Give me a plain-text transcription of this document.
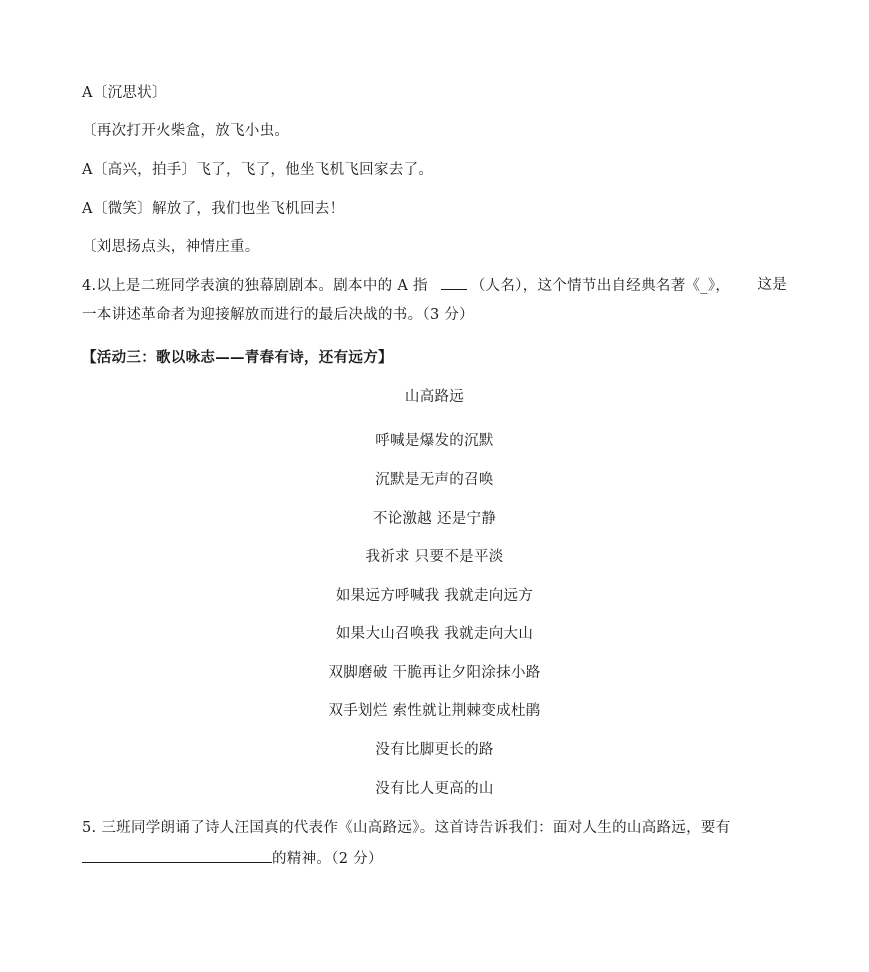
A〔沉思状〕
〔再次打开火柴盒，放飞小虫。
A〔高兴，拍手〕飞了，飞了，他坐飞机飞回家去了。
A〔微笑〕解放了，我们也坐飞机回去！
〔刘思扬点头，神情庄重。
4.以上是二班同学表演的独幕剧剧本。剧本中的 A 指	（人名），这个情节出自经典名著《_》， 这是
一本讲述革命者为迎接解放而进行的最后决战的书。（3 分）
【活动三：歌以咏志——青春有诗，还有远方】
山高路远
呼喊是爆发的沉默
沉默是无声的召唤
不论激越 还是宁静
我祈求 只要不是平淡
如果远方呼喊我 我就走向远方
如果大山召唤我 我就走向大山
双脚磨破 干脆再让夕阳涂抹小路
双手划烂 索性就让荆棘变成杜鹃
没有比脚更长的路
没有比人更高的山
5. 三班同学朗诵了诗人汪国真的代表作《山高路远》。这首诗告诉我们：面对人生的山高路远，要有
的精神。（2 分）
